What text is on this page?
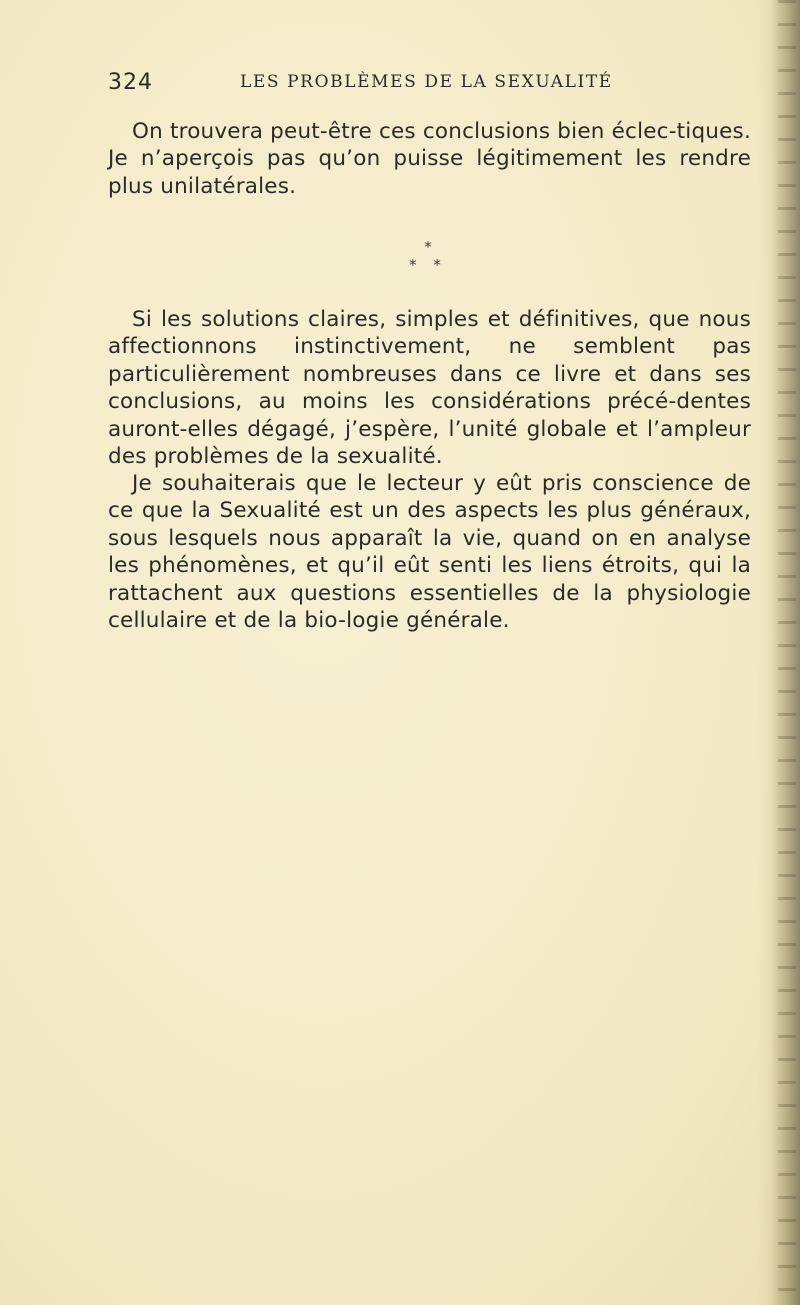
324	LES PROBLÈMES DE LA SEXUALITÉ
On trouvera peut-être ces conclusions bien éclec-tiques. Je n’aperçois pas qu’on puisse légitimement les rendre plus unilatérales.
*
* *
Si les solutions claires, simples et définitives, que nous affectionnons instinctivement, ne semblent pas particulièrement nombreuses dans ce livre et dans ses conclusions, au moins les considérations précé-dentes auront-elles dégagé, j’espère, l’unité globale et l’ampleur des problèmes de la sexualité.
Je souhaiterais que le lecteur y eût pris conscience de ce que la Sexualité est un des aspects les plus généraux, sous lesquels nous apparaît la vie, quand on en analyse les phénomènes, et qu’il eût senti les liens étroits, qui la rattachent aux questions essentielles de la physiologie cellulaire et de la bio-logie générale.
